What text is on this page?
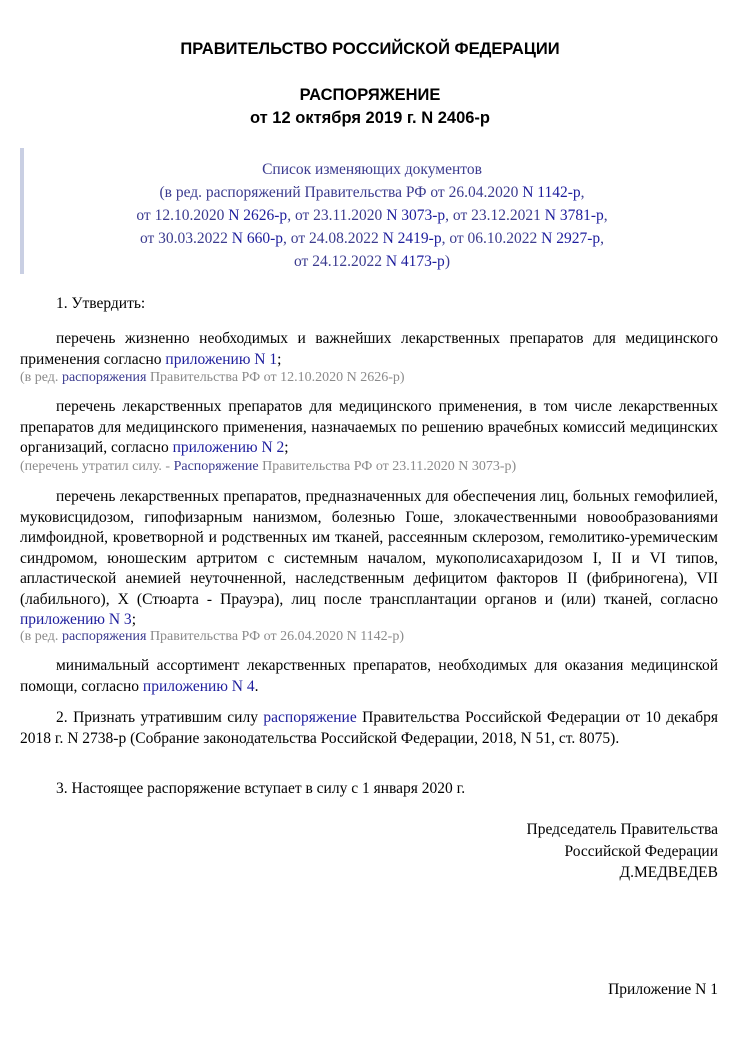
ПРАВИТЕЛЬСТВО РОССИЙСКОЙ ФЕДЕРАЦИИ
РАСПОРЯЖЕНИЕ
от 12 октября 2019 г. N 2406-р
Список изменяющих документов
(в ред. распоряжений Правительства РФ от 26.04.2020 N 1142-р,
от 12.10.2020 N 2626-р, от 23.11.2020 N 3073-р, от 23.12.2021 N 3781-р,
от 30.03.2022 N 660-р, от 24.08.2022 N 2419-р, от 06.10.2022 N 2927-р,
от 24.12.2022 N 4173-р)
1. Утвердить:
перечень жизненно необходимых и важнейших лекарственных препаратов для медицинского применения согласно приложению N 1;
(в ред. распоряжения Правительства РФ от 12.10.2020 N 2626-р)
перечень лекарственных препаратов для медицинского применения, в том числе лекарственных препаратов для медицинского применения, назначаемых по решению врачебных комиссий медицинских организаций, согласно приложению N 2;
(перечень утратил силу. - Распоряжение Правительства РФ от 23.11.2020 N 3073-р)
перечень лекарственных препаратов, предназначенных для обеспечения лиц, больных гемофилией, муковисцидозом, гипофизарным нанизмом, болезнью Гоше, злокачественными новообразованиями лимфоидной, кроветворной и родственных им тканей, рассеянным склерозом, гемолитико-уремическим синдромом, юношеским артритом с системным началом, мукополисахаридозом I, II и VI типов, апластической анемией неуточненной, наследственным дефицитом факторов II (фибриногена), VII (лабильного), X (Стюарта - Прауэра), лиц после трансплантации органов и (или) тканей, согласно приложению N 3;
(в ред. распоряжения Правительства РФ от 26.04.2020 N 1142-р)
минимальный ассортимент лекарственных препаратов, необходимых для оказания медицинской помощи, согласно приложению N 4.
2. Признать утратившим силу распоряжение Правительства Российской Федерации от 10 декабря 2018 г. N 2738-р (Собрание законодательства Российской Федерации, 2018, N 51, ст. 8075).
3. Настоящее распоряжение вступает в силу с 1 января 2020 г.
Председатель Правительства
Российской Федерации
Д.МЕДВЕДЕВ
Приложение N 1
